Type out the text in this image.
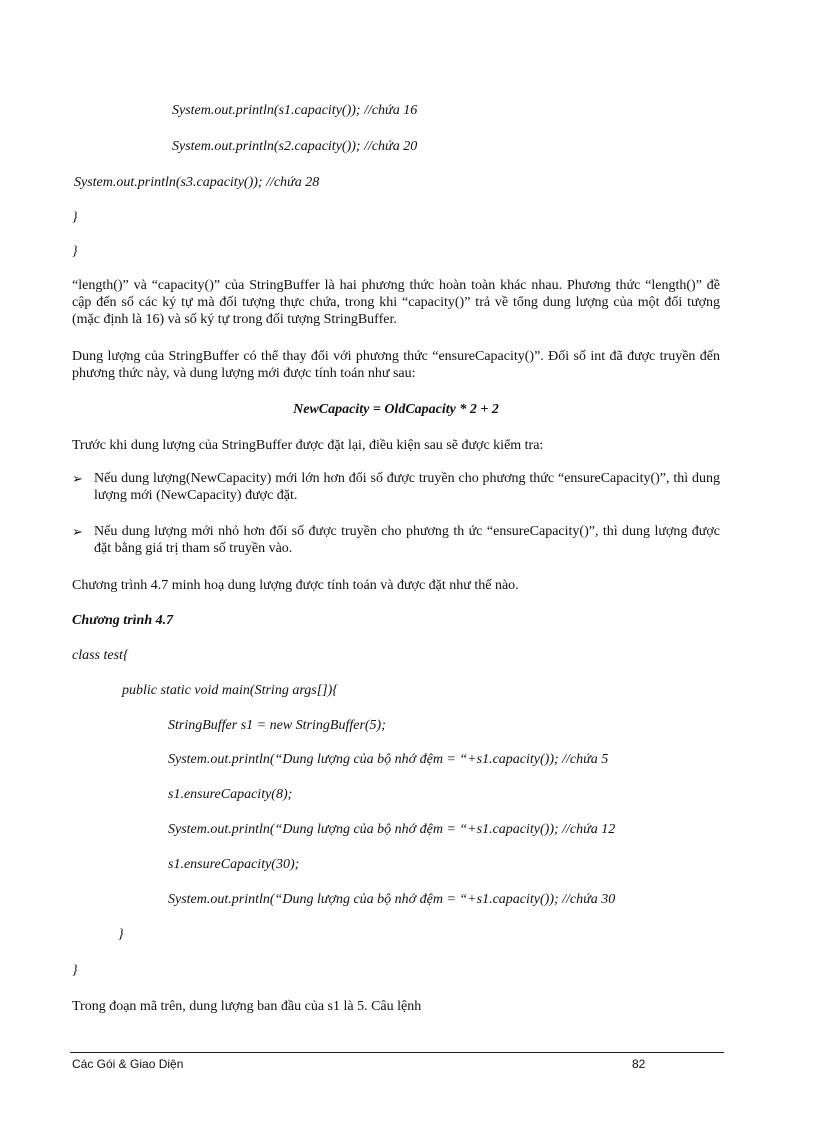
System.out.println(s1.capacity()); //chứa 16
System.out.println(s2.capacity()); //chứa 20
System.out.println(s3.capacity()); //chứa 28
}
}
“length()” và “capacity()” của StringBuffer là hai phương thức hoàn toàn khác nhau. Phương thức “length()” đề cập đến số các ký tự mà đối tượng thực chứa, trong khi “capacity()” trả về tổng dung lượng của một đối tượng (mặc định là 16) và số ký tự trong đối tượng StringBuffer.
Dung lượng của StringBuffer có thể thay đổi với phương thức “ensureCapacity()”. Đối số int đã được truyền đến phương thức này, và dung lượng mới được tính toán như sau:
NewCapacity = OldCapacity * 2 + 2
Trước khi dung lượng của StringBuffer được đặt lại, điều kiện sau sẽ được kiểm tra:
➢ Nếu dung lượng(NewCapacity) mới lớn hơn đối số được truyền cho phương thức “ensureCapacity()”, thì dung lượng mới (NewCapacity) được đặt.
➢ Nếu dung lượng mới nhỏ hơn đối số được truyền cho phương th ức “ensureCapacity()”, thì dung lượng được đặt bằng giá trị tham số truyền vào.
Chương trình 4.7 minh hoạ dung lượng được tính toán và được đặt như thế nào.
Chương trình 4.7
class test{
public static void main(String args[]){
StringBuffer s1 = new StringBuffer(5);
System.out.println(“Dung lượng của bộ nhớ đệm = “+s1.capacity()); //chứa 5
s1.ensureCapacity(8);
System.out.println(“Dung lượng của bộ nhớ đệm = “+s1.capacity()); //chứa 12
s1.ensureCapacity(30);
System.out.println(“Dung lượng của bộ nhớ đệm = “+s1.capacity()); //chứa 30
}
}
Trong đoạn mã trên, dung lượng ban đầu của s1 là 5. Câu lệnh
Các Gói & Giao Diện	82
